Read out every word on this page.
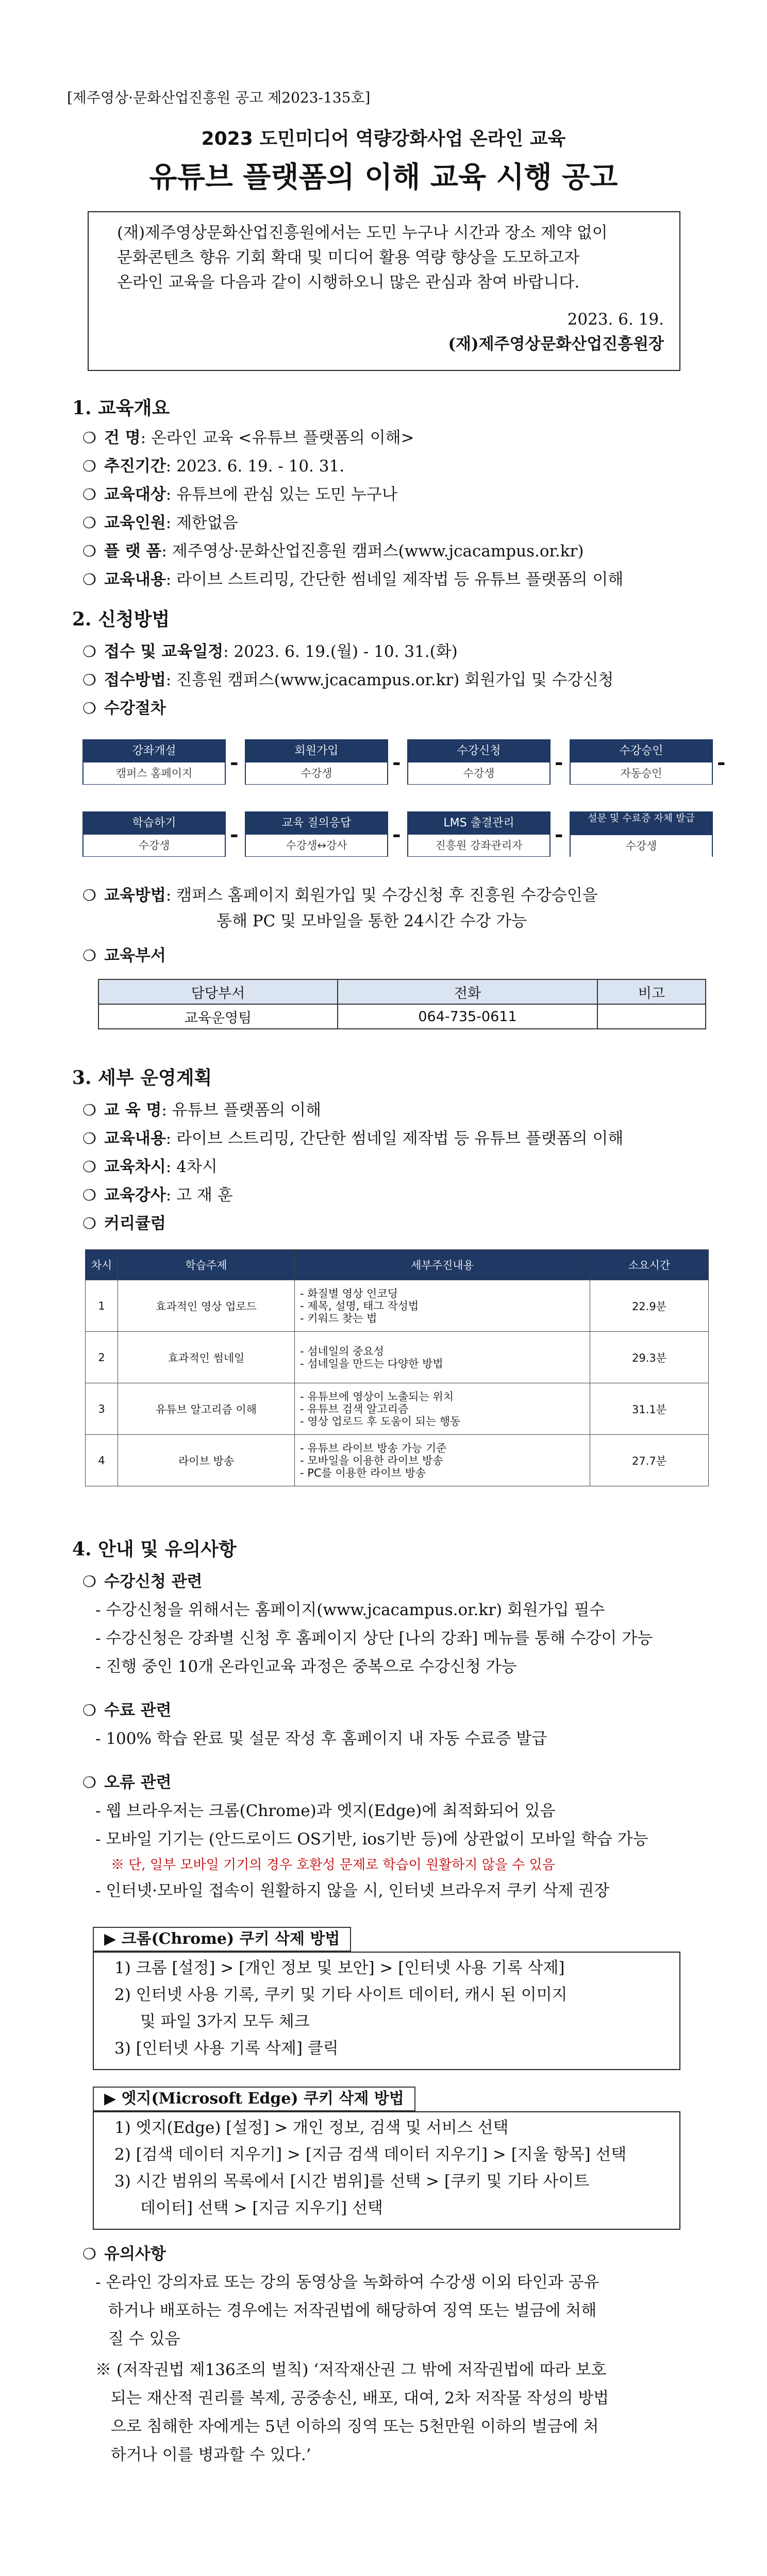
[제주영상·문화산업진흥원 공고 제2023-135호]
2023 도민미디어 역량강화사업 온라인 교육
유튜브 플랫폼의 이해 교육 시행 공고
(재)제주영상문화산업진흥원에서는 도민 누구나 시간과 장소 제약 없이
문화콘텐츠 향유 기회 확대 및 미디어 활용 역량 향상을 도모하고자
온라인 교육을 다음과 같이 시행하오니 많은 관심과 참여 바랍니다.
2023. 6. 19.
(재)제주영상문화산업진흥원장
1. 교육개요
❍ 건 명: 온라인 교육 <유튜브 플랫폼의 이해>
❍ 추진기간: 2023. 6. 19. - 10. 31.
❍ 교육대상: 유튜브에 관심 있는 도민 누구나
❍ 교육인원: 제한없음
❍ 플 랫 폼: 제주영상·문화산업진흥원 캠퍼스(www.jcacampus.or.kr)
❍ 교육내용: 라이브 스트리밍, 간단한 썸네일 제작법 등 유튜브 플랫폼의 이해
2. 신청방법
❍ 접수 및 교육일정: 2023. 6. 19.(월) - 10. 31.(화)
❍ 접수방법: 진흥원 캠퍼스(www.jcacampus.or.kr) 회원가입 및 수강신청
❍ 수강절차
강좌개설
캠퍼스 홈페이지	-	회원가입
수강생	-	수강신청
수강생	-	수강승인
자동승인	-
학습하기
수강생	-	교육 질의응답
수강생↔강사	-	LMS 출결관리
진흥원 강좌관리자	-
설문 및 수료증 자체 발급
수강생
❍ 교육방법: 캠퍼스 홈페이지 회원가입 및 수강신청 후 진흥원 수강승인을
통해 PC 및 모바일을 통한 24시간 수강 가능
❍ 교육부서
담당부서	전화	비고
교육운영팀	064-735-0611	
3. 세부 운영계획
❍ 교 육 명: 유튜브 플랫폼의 이해
❍ 교육내용: 라이브 스트리밍, 간단한 썸네일 제작법 등 유튜브 플랫폼의 이해
❍ 교육차시: 4차시
❍ 교육강사: 고 재 훈
❍ 커리큘럼
차시	학습주제	세부주진내용	소요시간
1	효과적인 영상 업로드	- 화질별 영상 인코딩
- 제목, 설명, 태그 작성법
- 키워드 찾는 법	22.9분
2	효과적인 썸네일	- 섬네일의 중요성
- 섬네일을 만드는 다양한 방법	29.3분
3	유튜브 알고리즘 이해	- 유튜브에 영상이 노출되는 위치
- 유튜브 검색 알고리즘
- 영상 업로드 후 도움이 되는 행동	31.1분
4	라이브 방송	- 유튜브 라이브 방송 가능 기준
- 모바일을 이용한 라이브 방송
- PC를 이용한 라이브 방송	27.7분
4. 안내 및 유의사항
❍ 수강신청 관련
- 수강신청을 위해서는 홈페이지(www.jcacampus.or.kr) 회원가입 필수
- 수강신청은 강좌별 신청 후 홈페이지 상단 [나의 강좌] 메뉴를 통해 수강이 가능
- 진행 중인 10개 온라인교육 과정은 중복으로 수강신청 가능
❍ 수료 관련
- 100% 학습 완료 및 설문 작성 후 홈페이지 내 자동 수료증 발급
❍ 오류 관련
- 웹 브라우저는 크롬(Chrome)과 엣지(Edge)에 최적화되어 있음
- 모바일 기기는 (안드로이드 OS기반, ios기반 등)에 상관없이 모바일 학습 가능
※ 단, 일부 모바일 기기의 경우 호환성 문제로 학습이 원활하지 않을 수 있음
- 인터넷·모바일 접속이 원활하지 않을 시, 인터넷 브라우저 쿠키 삭제 권장
▶ 크롬(Chrome) 쿠키 삭제 방법
1) 크롬 [설정] > [개인 정보 및 보안] > [인터넷 사용 기록 삭제]
2) 인터넷 사용 기록, 쿠키 및 기타 사이트 데이터, 캐시 된 이미지
및 파일 3가지 모두 체크
3) [인터넷 사용 기록 삭제] 클릭
▶ 엣지(Microsoft Edge) 쿠키 삭제 방법
1) 엣지(Edge) [설정] > 개인 정보, 검색 및 서비스 선택
2) [검색 데이터 지우기] > [지금 검색 데이터 지우기] > [지울 항목] 선택
3) 시간 범위의 목록에서 [시간 범위]를 선택 > [쿠키 및 기타 사이트
데이터] 선택 > [지금 지우기] 선택
❍ 유의사항
- 온라인 강의자료 또는 강의 동영상을 녹화하여 수강생 이외 타인과 공유
하거나 배포하는 경우에는 저작권법에 해당하여 징역 또는 벌금에 처해
질 수 있음
※ (저작권법 제136조의 벌칙) ‘저작재산권 그 밖에 저작권법에 따라 보호
되는 재산적 권리를 복제, 공중송신, 배포, 대여, 2차 저작물 작성의 방법
으로 침해한 자에게는 5년 이하의 징역 또는 5천만원 이하의 벌금에 처
하거나 이를 병과할 수 있다.’
